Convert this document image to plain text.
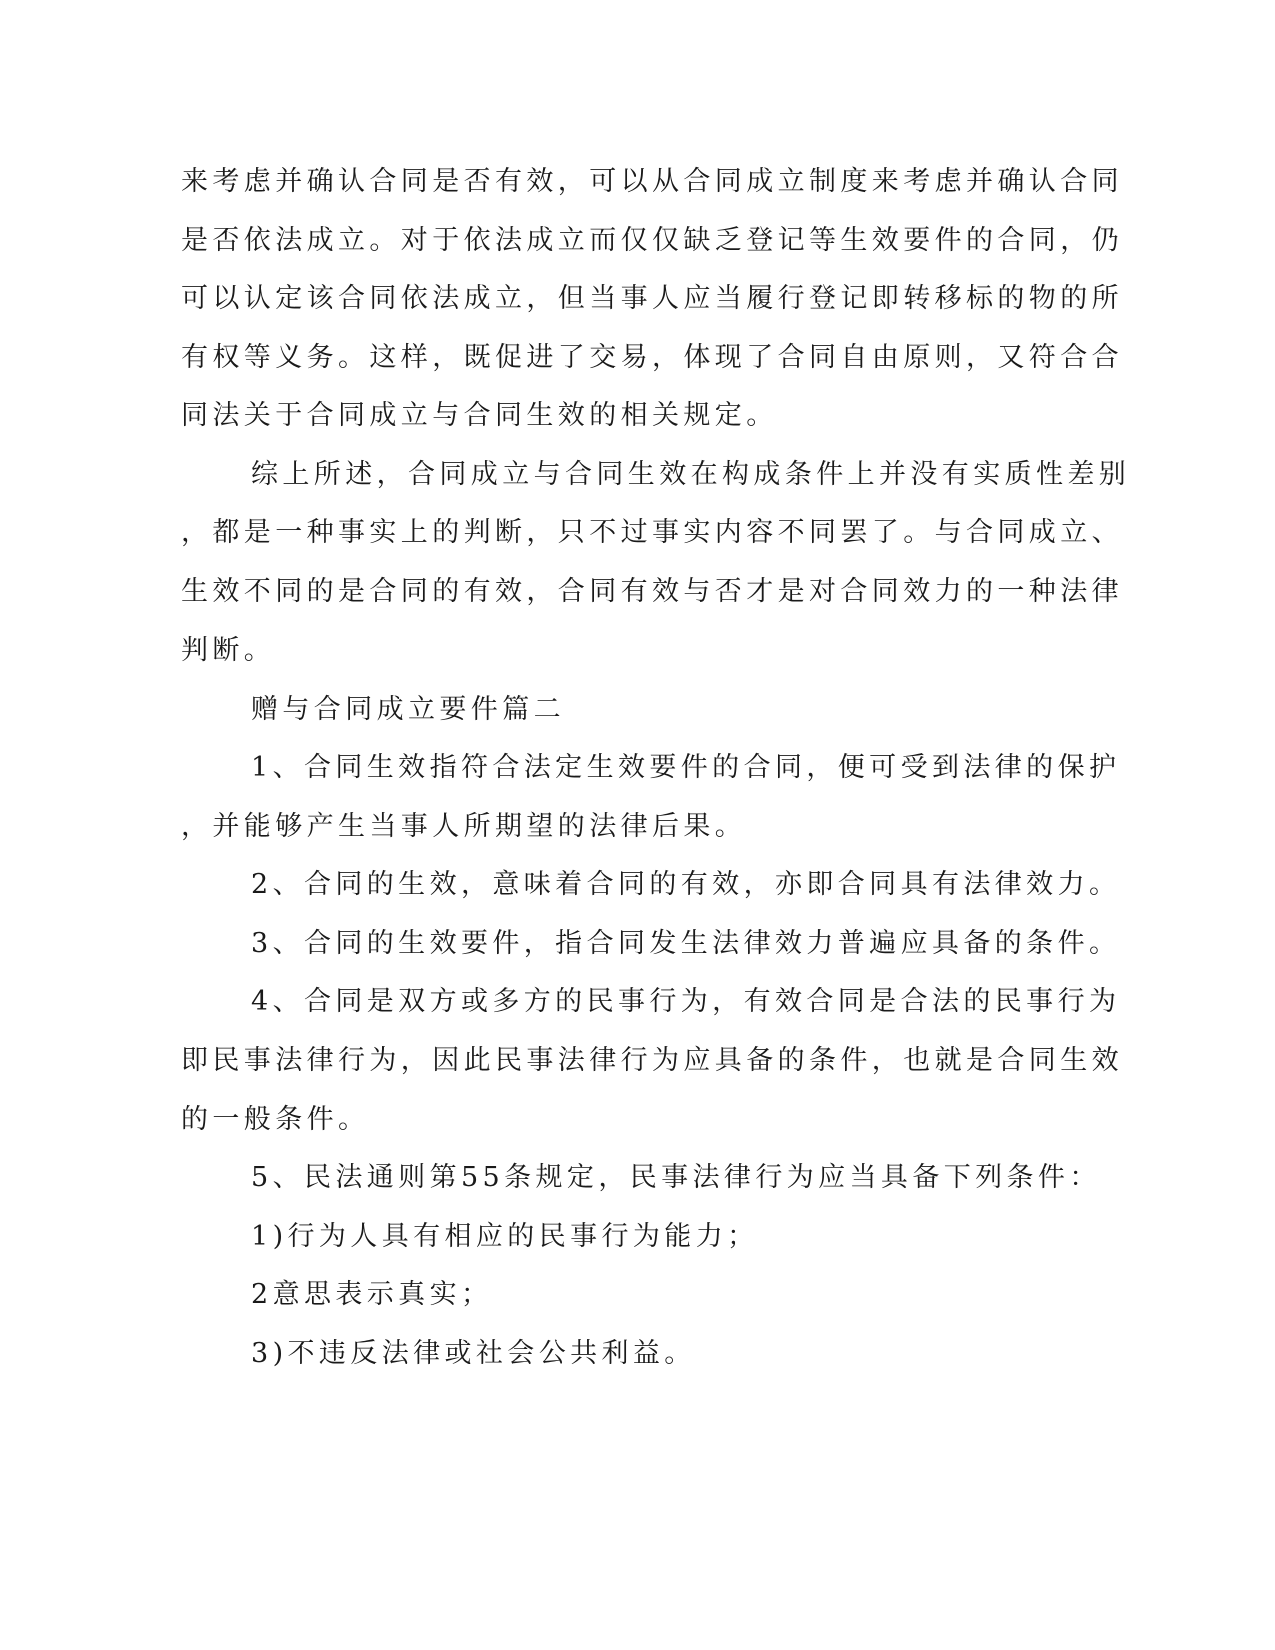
来考虑并确认合同是否有效，可以从合同成立制度来考虑并确认合同
是否依法成立。对于依法成立而仅仅缺乏登记等生效要件的合同，仍
可以认定该合同依法成立，但当事人应当履行登记即转移标的物的所
有权等义务。这样，既促进了交易，体现了合同自由原则，又符合合
同法关于合同成立与合同生效的相关规定。
综上所述，合同成立与合同生效在构成条件上并没有实质性差别
，都是一种事实上的判断，只不过事实内容不同罢了。与合同成立、
生效不同的是合同的有效，合同有效与否才是对合同效力的一种法律
判断。
赠与合同成立要件篇二
1、合同生效指符合法定生效要件的合同，便可受到法律的保护
，并能够产生当事人所期望的法律后果。
2、合同的生效，意味着合同的有效，亦即合同具有法律效力。
3、合同的生效要件，指合同发生法律效力普遍应具备的条件。
4、合同是双方或多方的民事行为，有效合同是合法的民事行为
即民事法律行为，因此民事法律行为应具备的条件，也就是合同生效
的一般条件。
5、民法通则第55条规定，民事法律行为应当具备下列条件：
1)行为人具有相应的民事行为能力；
2意思表示真实；
3)不违反法律或社会公共利益。
